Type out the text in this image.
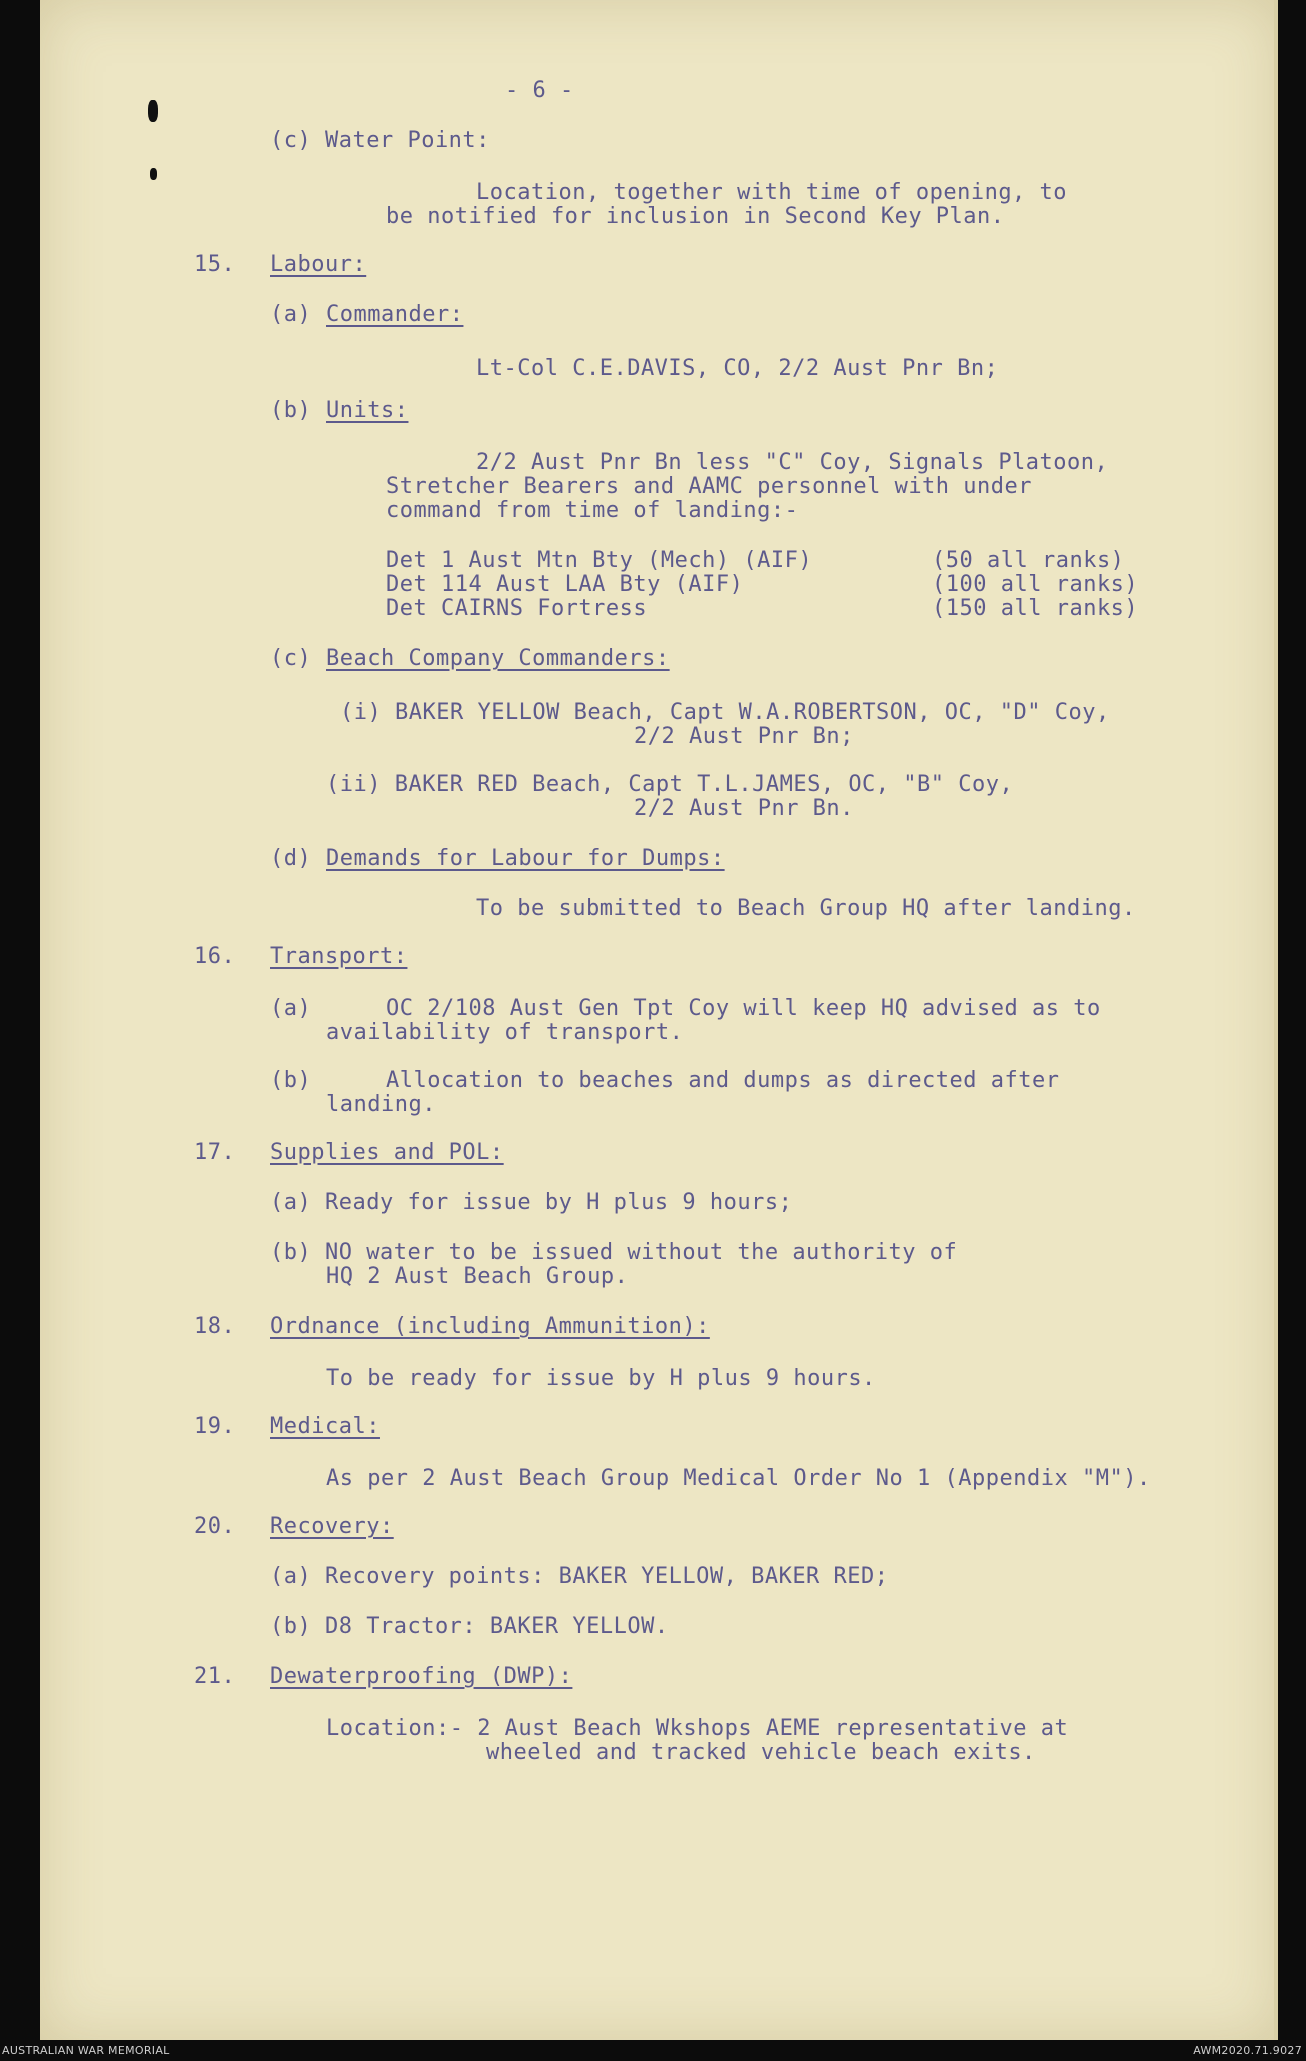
- 6 -
(c) Water Point:
Location, together with time of opening, to
be notified for inclusion in Second Key Plan.
15. Labour:
(a) Commander:
Lt-Col C.E.DAVIS, CO, 2/2 Aust Pnr Bn;
(b) Units:
2/2 Aust Pnr Bn less "C" Coy, Signals Platoon,
Stretcher Bearers and AAMC personnel with under
command from time of landing:-
Det 1 Aust Mtn Bty (Mech) (AIF)	(50 all ranks)
Det 114 Aust LAA Bty (AIF)	(100 all ranks)
Det CAIRNS Fortress	(150 all ranks)
(c) Beach Company Commanders:
(i) BAKER YELLOW Beach, Capt W.A.ROBERTSON, OC, "D" Coy,
2/2 Aust Pnr Bn;
(ii) BAKER RED Beach, Capt T.L.JAMES, OC, "B" Coy,
2/2 Aust Pnr Bn.
(d) Demands for Labour for Dumps:
To be submitted to Beach Group HQ after landing.
16. Transport:
(a)	OC 2/108 Aust Gen Tpt Coy will keep HQ advised as to
availability of transport.
(b)	Allocation to beaches and dumps as directed after
landing.
17. Supplies and POL:
(a) Ready for issue by H plus 9 hours;
(b) NO water to be issued without the authority of
HQ 2 Aust Beach Group.
18. Ordnance (including Ammunition):
To be ready for issue by H plus 9 hours.
19. Medical:
As per 2 Aust Beach Group Medical Order No 1 (Appendix "M").
20. Recovery:
(a) Recovery points: BAKER YELLOW, BAKER RED;
(b) D8 Tractor: BAKER YELLOW.
21. Dewaterproofing (DWP):
Location:- 2 Aust Beach Wkshops AEME representative at
wheeled and tracked vehicle beach exits.
AUSTRALIAN WAR MEMORIAL	AWM2020.71.9027
